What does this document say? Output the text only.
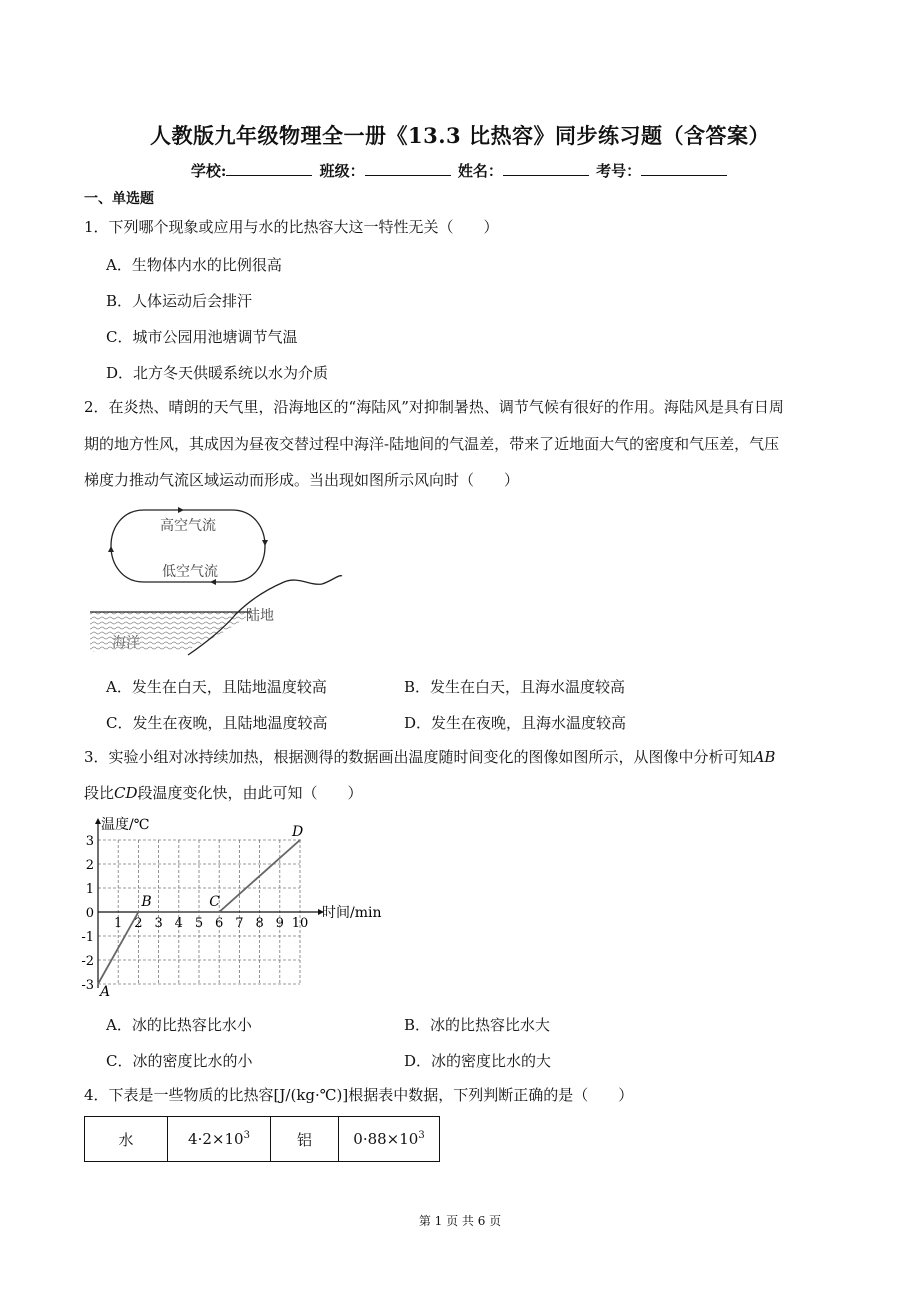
人教版九年级物理全一册《13.3 比热容》同步练习题（含答案）
学校:	班级：	姓名：	考号：
一、单选题
1．下列哪个现象或应用与水的比热容大这一特性无关（　　）
A．生物体内水的比例很高
B．人体运动后会排汗
C．城市公园用池塘调节气温
D．北方冬天供暖系统以水为介质
2．在炎热、晴朗的天气里，沿海地区的“海陆风”对抑制暑热、调节气候有很好的作用。海陆风是具有日周
期的地方性风，其成因为昼夜交替过程中海洋-陆地间的气温差，带来了近地面大气的密度和气压差，气压
梯度力推动气流区域运动而形成。当出现如图所示风向时（　　）
高空气流
低空气流
陆地
海洋
A．发生在白天，且陆地温度较高	B．发生在白天，且海水温度较高
C．发生在夜晚，且陆地温度较高	D．发生在夜晚，且海水温度较高
3．实验小组对冰持续加热，根据测得的数据画出温度随时间变化的图像如图所示，从图像中分析可知AB
段比CD段温度变化快，由此可知（　　）
温度/℃
时间/min
1 2 3 4 5 6 7 8 9 10
3
2
1
0
-1
-2
-3 A
B	C
D
A．冰的比热容比水小	B．冰的比热容比水大
C．冰的密度比水的小	D．冰的密度比水的大
4．下表是一些物质的比热容[J/(kg·℃)]根据表中数据，下列判断正确的是（　　）
水	$4\cdot 2\times 10^3$	铝	$0\cdot 88\times 10^3$
第 1 页 共 6 页
